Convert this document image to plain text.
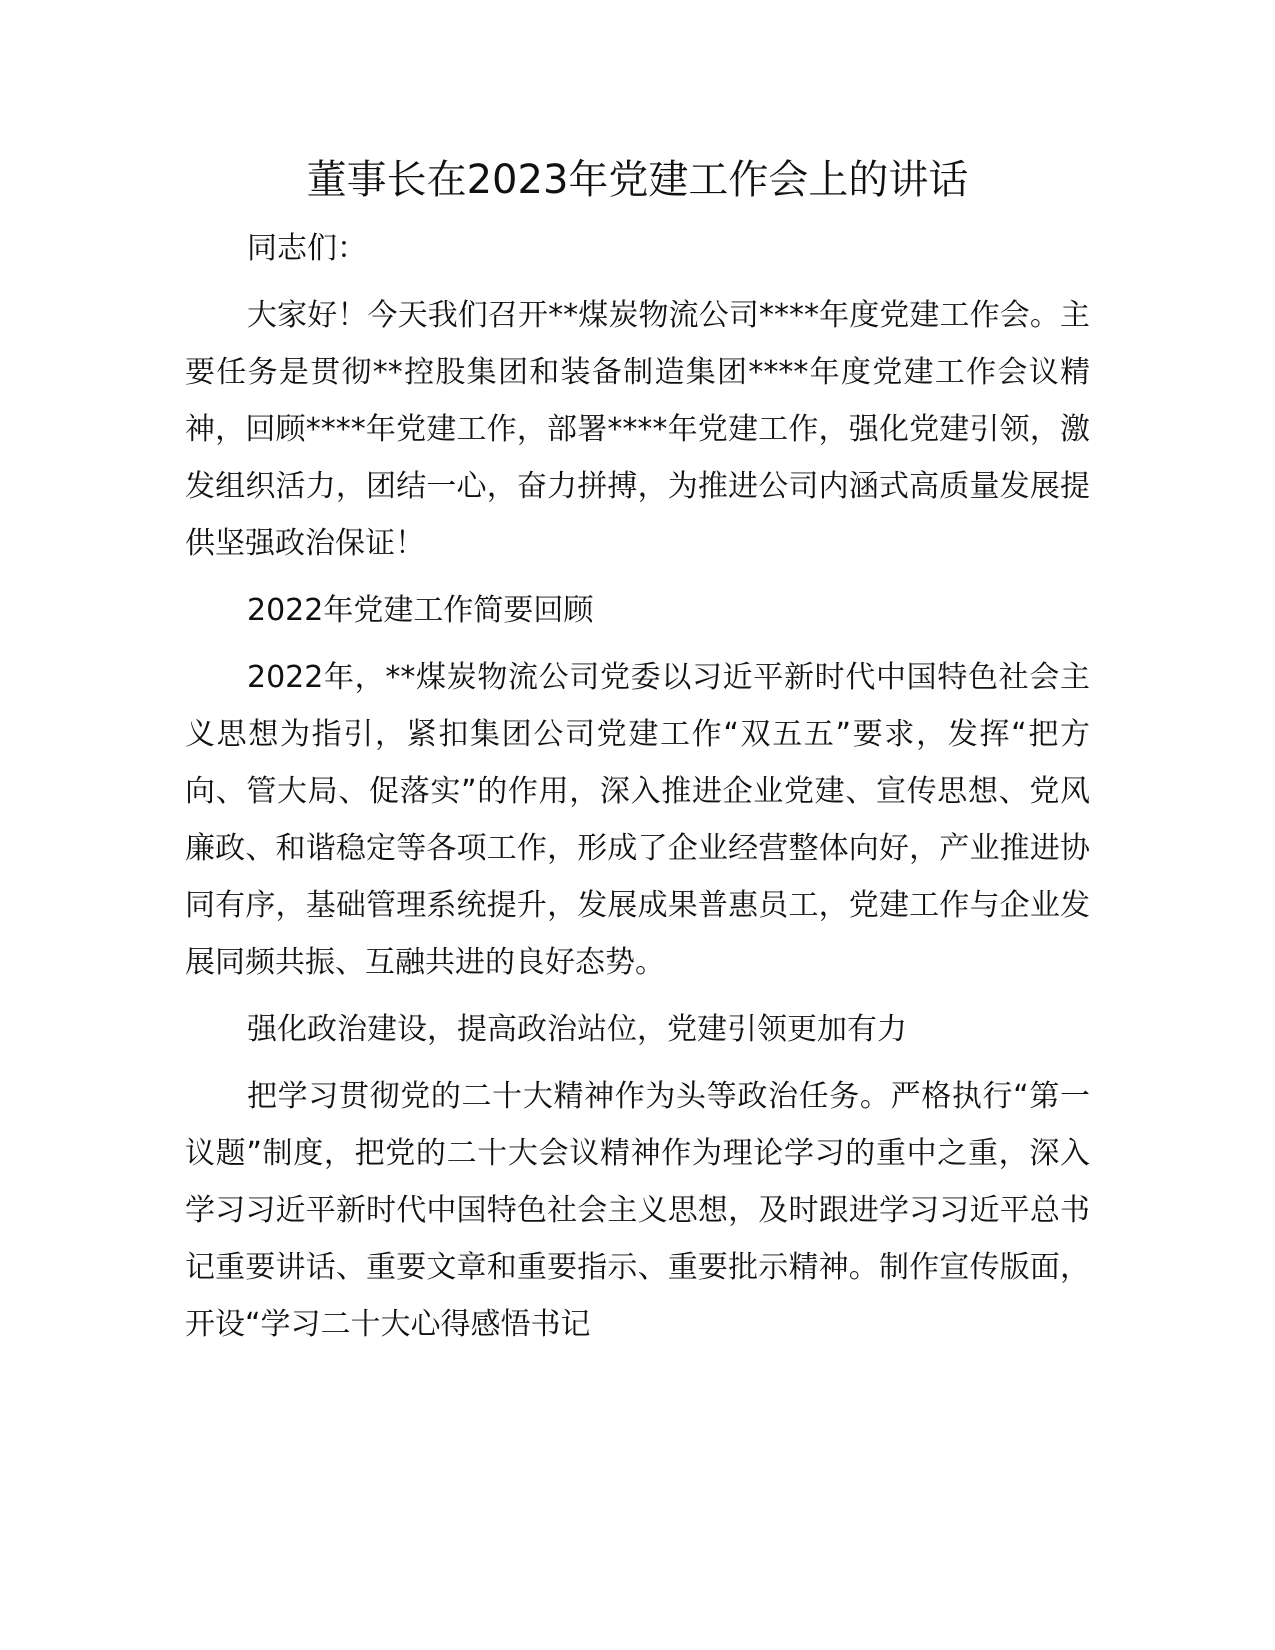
董事长在2023年党建工作会上的讲话

同志们：

大家好！今天我们召开**煤炭物流公司****年度党建工作会。主要任务是贯彻**控股集团和装备制造集团****年度党建工作会议精神，回顾****年党建工作，部署****年党建工作，强化党建引领，激发组织活力，团结一心，奋力拼搏，为推进公司内涵式高质量发展提供坚强政治保证！

2022年党建工作简要回顾

2022年，**煤炭物流公司党委以习近平新时代中国特色社会主义思想为指引，紧扣集团公司党建工作“双五五”要求，发挥“把方向、管大局、促落实”的作用，深入推进企业党建、宣传思想、党风廉政、和谐稳定等各项工作，形成了企业经营整体向好，产业推进协同有序，基础管理系统提升，发展成果普惠员工，党建工作与企业发展同频共振、互融共进的良好态势。

强化政治建设，提高政治站位，党建引领更加有力

把学习贯彻党的二十大精神作为头等政治任务。严格执行“第一议题”制度，把党的二十大会议精神作为理论学习的重中之重，深入学习习近平新时代中国特色社会主义思想，及时跟进学习习近平总书记重要讲话、重要文章和重要指示、重要批示精神。制作宣传版面，开设“学习二十大心得感悟书记
